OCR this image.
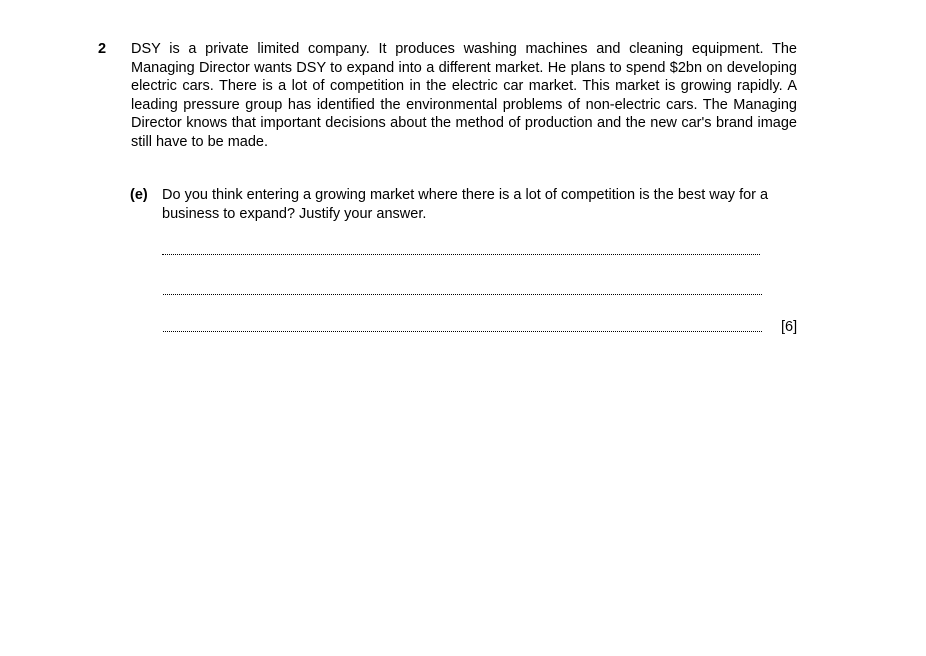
2 DSY is a private limited company. It produces washing machines and cleaning equipment. The Managing Director wants DSY to expand into a different market. He plans to spend $2bn on developing electric cars. There is a lot of competition in the electric car market. This market is growing rapidly. A leading pressure group has identified the environmental problems of non-electric cars. The Managing Director knows that important decisions about the method of production and the new car's brand image still have to be made.

(e) Do you think entering a growing market where there is a lot of competition is the best way for a business to expand? Justify your answer.

[6]
